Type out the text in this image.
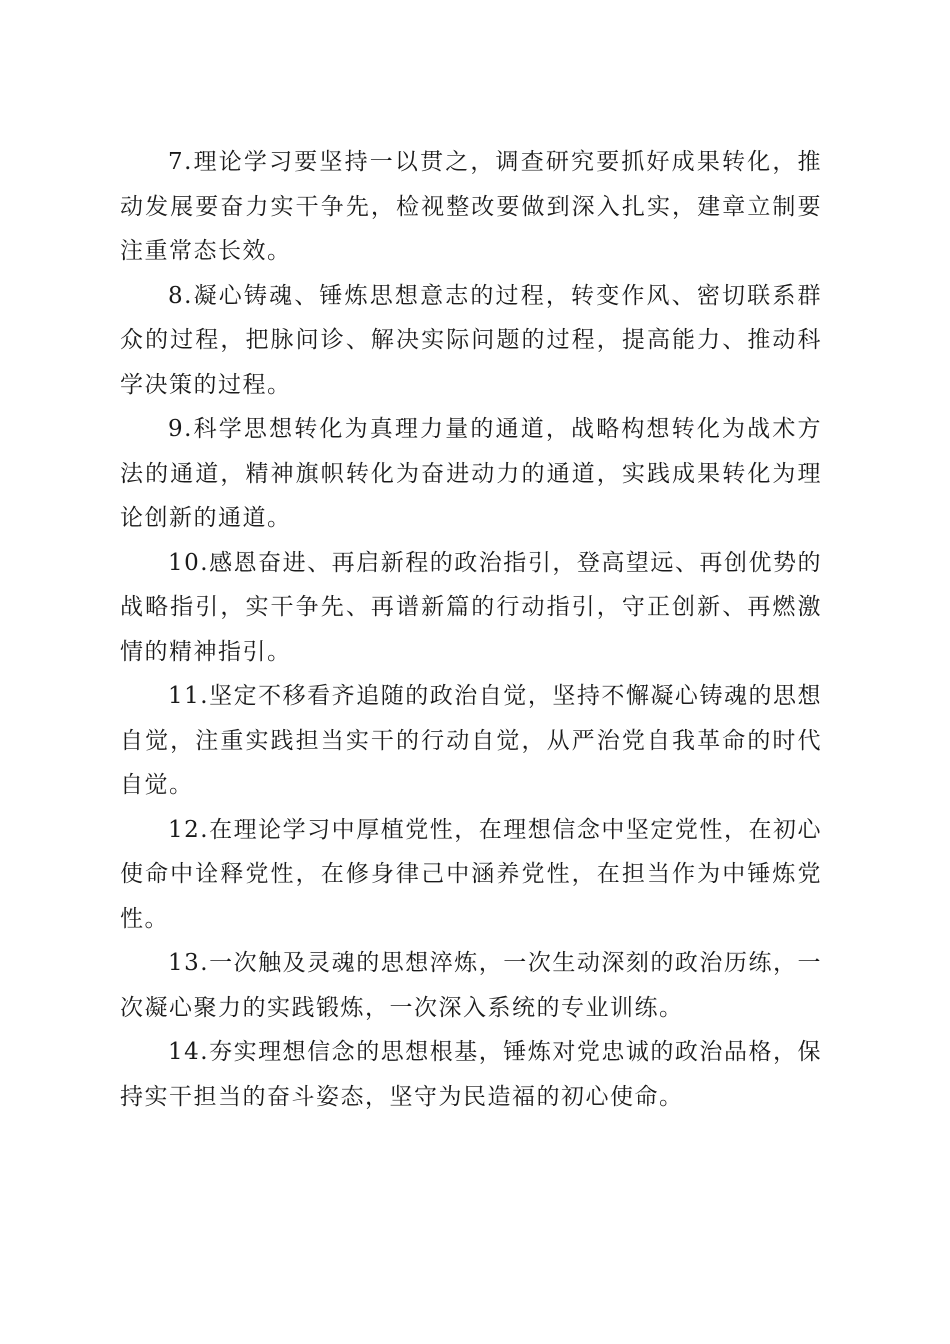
7.理论学习要坚持一以贯之，调查研究要抓好成果转化，推动发展要奋力实干争先，检视整改要做到深入扎实，建章立制要注重常态长效。

8.凝心铸魂、锤炼思想意志的过程，转变作风、密切联系群众的过程，把脉问诊、解决实际问题的过程，提高能力、推动科学决策的过程。

9.科学思想转化为真理力量的通道，战略构想转化为战术方法的通道，精神旗帜转化为奋进动力的通道，实践成果转化为理论创新的通道。

10.感恩奋进、再启新程的政治指引，登高望远、再创优势的战略指引，实干争先、再谱新篇的行动指引，守正创新、再燃激情的精神指引。

11.坚定不移看齐追随的政治自觉，坚持不懈凝心铸魂的思想自觉，注重实践担当实干的行动自觉，从严治党自我革命的时代自觉。

12.在理论学习中厚植党性，在理想信念中坚定党性，在初心使命中诠释党性，在修身律己中涵养党性，在担当作为中锤炼党性。

13.一次触及灵魂的思想淬炼，一次生动深刻的政治历练，一次凝心聚力的实践锻炼，一次深入系统的专业训练。

14.夯实理想信念的思想根基，锤炼对党忠诚的政治品格，保持实干担当的奋斗姿态，坚守为民造福的初心使命。
